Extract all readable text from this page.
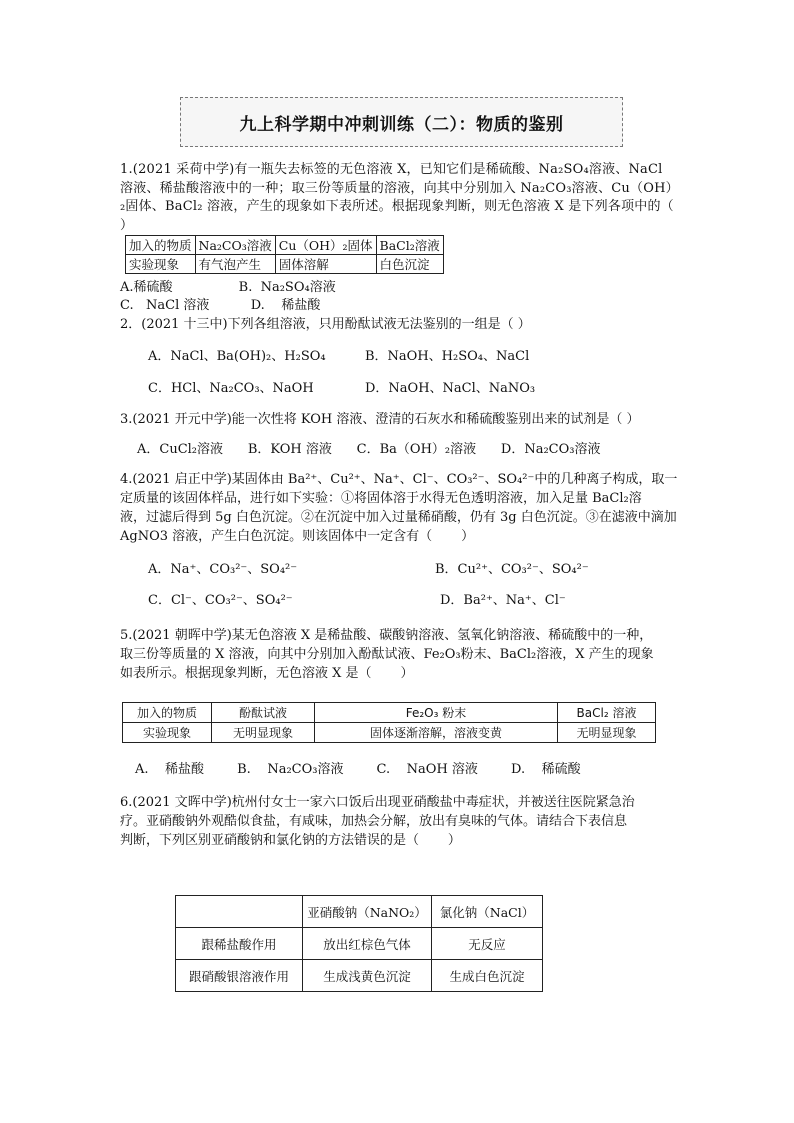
九上科学期中冲刺训练（二）：物质的鉴别
1.(2021 采荷中学)有一瓶失去标签的无色溶液 X，已知它们是稀硫酸、Na₂SO₄溶液、NaCl 溶液、稀盐酸溶液中的一种；取三份等质量的溶液，向其中分别加入 Na₂CO₃溶液、Cu（OH）₂固体、BaCl₂ 溶液，产生的现象如下表所述。根据现象判断，则无色溶液 X 是下列各项中的（ ）
加入的物质	Na₂CO₃溶液	Cu（OH）₂固体	BaCl₂溶液
实验现象	有气泡产生	固体溶解	白色沉淀
A.稀硫酸                B.  Na₂SO₄溶液
C.   NaCl 溶液          D.    稀盐酸
2．(2021 十三中)下列各组溶液，只用酚酞试液无法鉴别的一组是（ ）
A．NaCl、Ba(OH)₂、H₂SO₄	B．NaOH、H₂SO₄、NaCl
C．HCl、Na₂CO₃、NaOH	D．NaOH、NaCl、NaNO₃
3.(2021 开元中学)能一次性将 KOH 溶液、澄清的石灰水和稀硫酸鉴别出来的试剂是（ ）
A．CuCl₂溶液      B．KOH 溶液      C．Ba（OH）₂溶液      D．Na₂CO₃溶液
4.(2021 启正中学)某固体由 Ba²⁺、Cu²⁺、Na⁺、Cl⁻、CO₃²⁻、SO₄²⁻中的几种离子构成，取一
定质量的该固体样品，进行如下实验：①将固体溶于水得无色透明溶液，加入足量 BaCl₂溶
液，过滤后得到 5g 白色沉淀。②在沉淀中加入过量稀硝酸，仍有 3g 白色沉淀。③在滤液中滴加
AgNO3 溶液，产生白色沉淀。则该固体中一定含有（       ）
A．Na⁺、CO₃²⁻、SO₄²⁻	B．Cu²⁺、CO₃²⁻、SO₄²⁻
C．Cl⁻、CO₃²⁻、SO₄²⁻	D．Ba²⁺、Na⁺、Cl⁻
5.(2021 朝晖中学)某无色溶液 X 是稀盐酸、碳酸钠溶液、氢氧化钠溶液、稀硫酸中的一种，
取三份等质量的 X 溶液，向其中分别加入酚酞试液、Fe₂O₃粉末、BaCl₂溶液，X 产生的现象
如表所示。根据现象判断，无色溶液 X 是（       ）
加入的物质	酚酞试液	Fe₂O₃ 粉末	BaCl₂ 溶液
实验现象	无明显现象	固体逐渐溶解，溶液变黄	无明显现象
A.    稀盐酸        B.    Na₂CO₃溶液        C.    NaOH 溶液        D.    稀硫酸
6.(2021 文晖中学)杭州付女士一家六口饭后出现亚硝酸盐中毒症状，并被送往医院紧急治
疗。亚硝酸钠外观酷似食盐，有咸味，加热会分解，放出有臭味的气体。请结合下表信息
判断，下列区别亚硝酸钠和氯化钠的方法错误的是（       ）
	亚硝酸钠（NaNO₂）	氯化钠（NaCl）
跟稀盐酸作用	放出红棕色气体	无反应
跟硝酸银溶液作用	生成浅黄色沉淀	生成白色沉淀
